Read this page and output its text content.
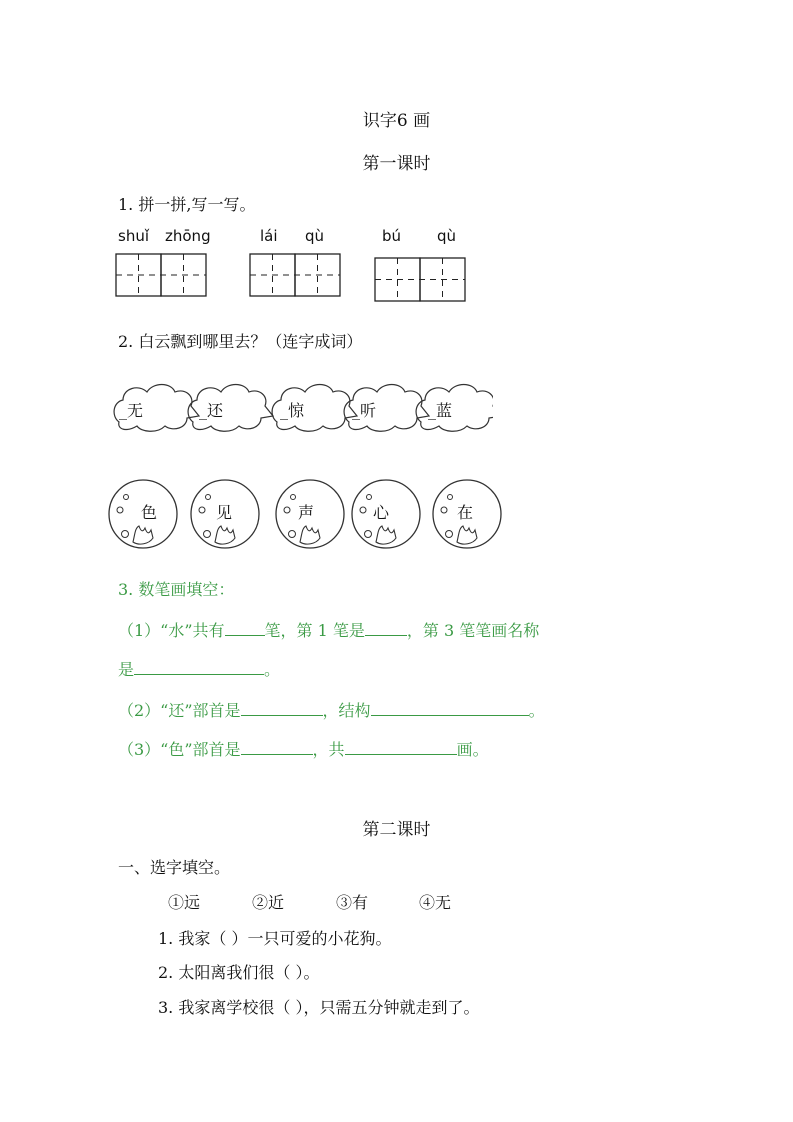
识字6 画
第一课时
1. 拼一拼,写一写。
shuǐ zhōng	lái qù	bú qù
2. 白云飘到哪里去？（连字成词）
_无	_还	_惊	_听	_蓝
色	见	声	心	在
3. 数笔画填空：
（1）“水”共有	笔，第 1 笔是	，第 3 笔笔画名称
是	。
（2）“还”部首是	，结构	。
（3）“色”部首是	，共	画。
第二课时
一、选字填空。
①远	②近	③有	④无
1. 我家（ ）一只可爱的小花狗。
2. 太阳离我们很（ ）。
3. 我家离学校很（ ），只需五分钟就走到了。
